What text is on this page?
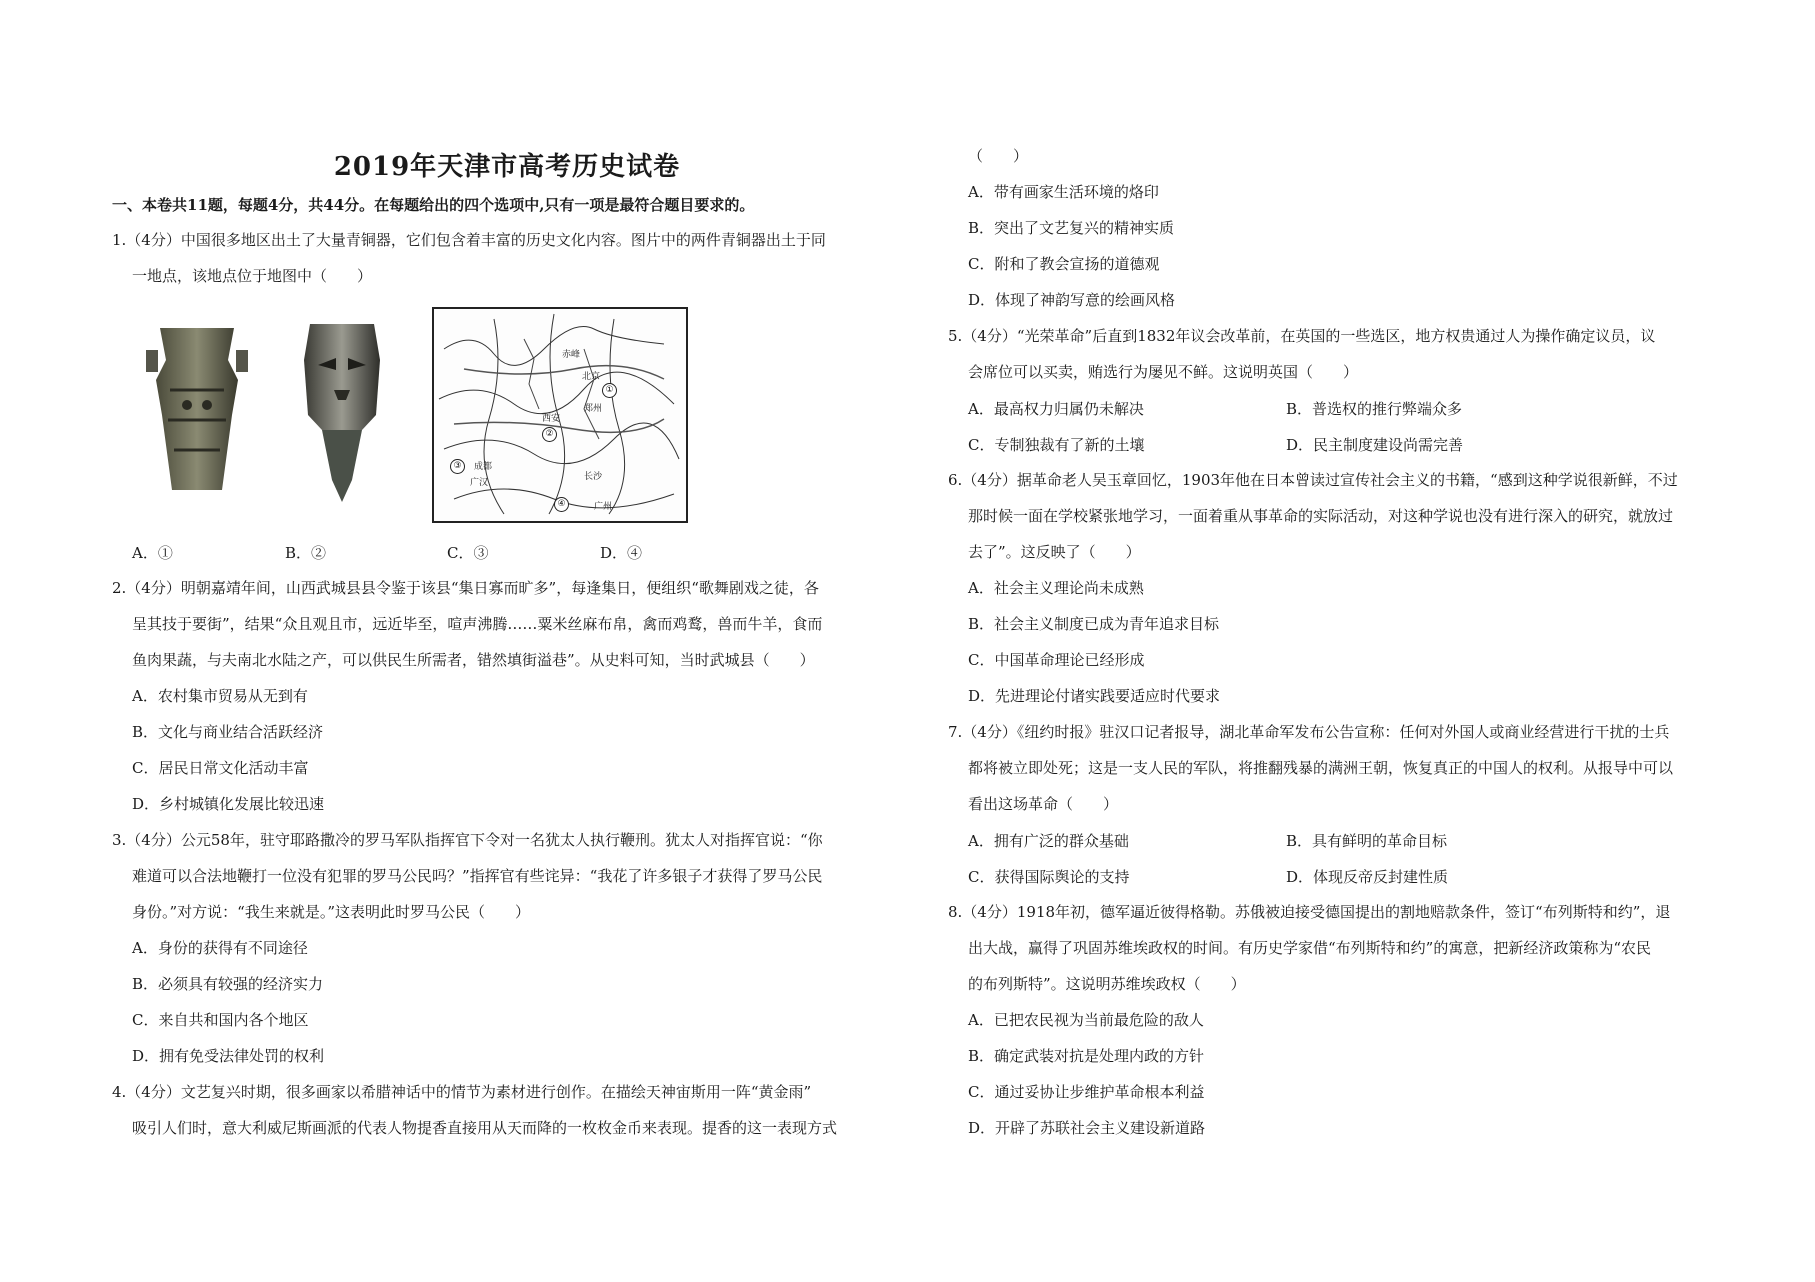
2019年天津市高考历史试卷
一、本卷共11题，每题4分，共44分。在每题给出的四个选项中,只有一项是最符合题目要求的。
1.（4分）中国很多地区出土了大量青铜器，它们包含着丰富的历史文化内容。图片中的两件青铜器出土于同
一地点，该地点位于地图中（　　）
2.（4分）明朝嘉靖年间，山西武城县县令鉴于该县“集日寡而旷多”，每逢集日，便组织“歌舞剧戏之徒，各
呈其技于要街”，结果“众且观且市，远近毕至，喧声沸腾……粟米丝麻布帛，禽而鸡鹜，兽而牛羊，食而
鱼肉果蔬，与夫南北水陆之产，可以供民生所需者，错然填街溢巷”。从史料可知，当时武城县（　　）
A．农村集市贸易从无到有
B．文化与商业结合活跃经济
C．居民日常文化活动丰富
D．乡村城镇化发展比较迅速
3.（4分）公元58年，驻守耶路撒冷的罗马军队指挥官下令对一名犹太人执行鞭刑。犹太人对指挥官说：“你
难道可以合法地鞭打一位没有犯罪的罗马公民吗？”指挥官有些诧异：“我花了许多银子才获得了罗马公民
身份。”对方说：“我生来就是。”这表明此时罗马公民（　　）
A．身份的获得有不同途径
B．必须具有较强的经济实力
C．来自共和国内各个地区
D．拥有免受法律处罚的权利
4.（4分）文艺复兴时期，很多画家以希腊神话中的情节为素材进行创作。在描绘天神宙斯用一阵“黄金雨”
吸引人们时，意大利威尼斯画派的代表人物提香直接用从天而降的一枚枚金币来表现。提香的这一表现方式
赤峰
北京
郑州
西安
成都
广汉
长沙
广州
①
②
③
④
A．①	B．②	C．③	D．④
（　　）
A．带有画家生活环境的烙印
B．突出了文艺复兴的精神实质
C．附和了教会宣扬的道德观
D．体现了神韵写意的绘画风格
5.（4分）“光荣革命”后直到1832年议会改革前，在英国的一些选区，地方权贵通过人为操作确定议员，议
会席位可以买卖，贿选行为屡见不鲜。这说明英国（　　）
6.（4分）据革命老人吴玉章回忆，1903年他在日本曾读过宣传社会主义的书籍，“感到这种学说很新鲜，不过
那时候一面在学校紧张地学习，一面着重从事革命的实际活动，对这种学说也没有进行深入的研究，就放过
去了”。这反映了（　　）
A．社会主义理论尚未成熟
B．社会主义制度已成为青年追求目标
C．中国革命理论已经形成
D．先进理论付诸实践要适应时代要求
7.（4分）《纽约时报》驻汉口记者报导，湖北革命军发布公告宣称：任何对外国人或商业经营进行干扰的士兵
都将被立即处死；这是一支人民的军队，将推翻残暴的满洲王朝，恢复真正的中国人的权利。从报导中可以
看出这场革命（　　）
8.（4分）1918年初，德军逼近彼得格勒。苏俄被迫接受德国提出的割地赔款条件，签订“布列斯特和约”，退
出大战，赢得了巩固苏维埃政权的时间。有历史学家借“布列斯特和约”的寓意，把新经济政策称为“农民
的布列斯特”。这说明苏维埃政权（　　）
A．已把农民视为当前最危险的敌人
B．确定武装对抗是处理内政的方针
C．通过妥协让步维护革命根本利益
D．开辟了苏联社会主义建设新道路
A．最高权力归属仍未解决	B．普选权的推行弊端众多
C．专制独裁有了新的土壤	D．民主制度建设尚需完善
A．拥有广泛的群众基础	B．具有鲜明的革命目标
C．获得国际舆论的支持	D．体现反帝反封建性质
